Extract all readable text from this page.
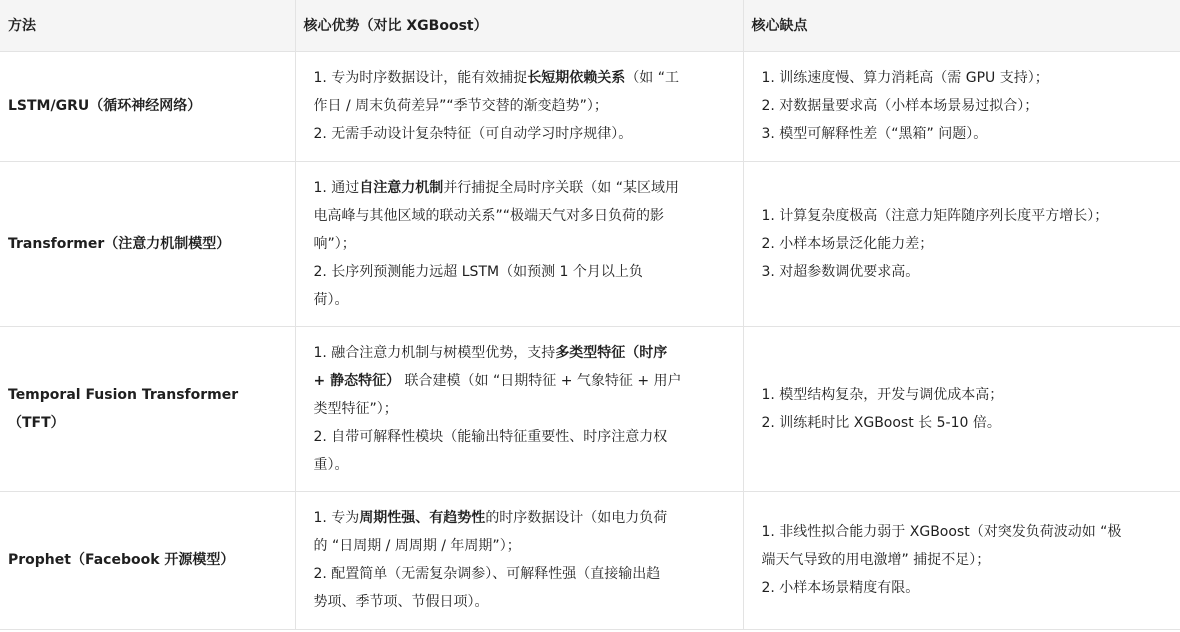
方法	核心优势（对比 XGBoost）	核心缺点
LSTM/GRU（循环神经网络）	1. 专为时序数据设计，能有效捕捉长短期依赖关系（如 “工
作日 / 周末负荷差异”“季节交替的渐变趋势”）；
2. 无需手动设计复杂特征（可自动学习时序规律）。	1. 训练速度慢、算力消耗高（需 GPU 支持）；
2. 对数据量要求高（小样本场景易过拟合）；
3. 模型可解释性差（“黑箱” 问题）。

Transformer（注意力机制模型）	1. 通过自注意力机制并行捕捉全局时序关联（如 “某区域用
电高峰与其他区域的联动关系”“极端天气对多日负荷的影
响”）；
2. 长序列预测能力远超 LSTM（如预测 1 个月以上负
荷）。	1. 计算复杂度极高（注意力矩阵随序列长度平方增长）；
2. 小样本场景泛化能力差；
3. 对超参数调优要求高。

Temporal Fusion Transformer（TFT）	1. 融合注意力机制与树模型优势，支持多类型特征（时序
+ 静态特征） 联合建模（如 “日期特征 + 气象特征 + 用户
类型特征”）；
2. 自带可解释性模块（能输出特征重要性、时序注意力权
重）。	1. 模型结构复杂，开发与调优成本高；
2. 训练耗时比 XGBoost 长 5-10 倍。

Prophet（Facebook 开源模型）	1. 专为周期性强、有趋势性的时序数据设计（如电力负荷
的 “日周期 / 周周期 / 年周期”）；
2. 配置简单（无需复杂调参）、可解释性强（直接输出趋
势项、季节项、节假日项）。	1. 非线性拟合能力弱于 XGBoost（对突发负荷波动如 “极
端天气导致的用电激增” 捕捉不足）；
2. 小样本场景精度有限。
